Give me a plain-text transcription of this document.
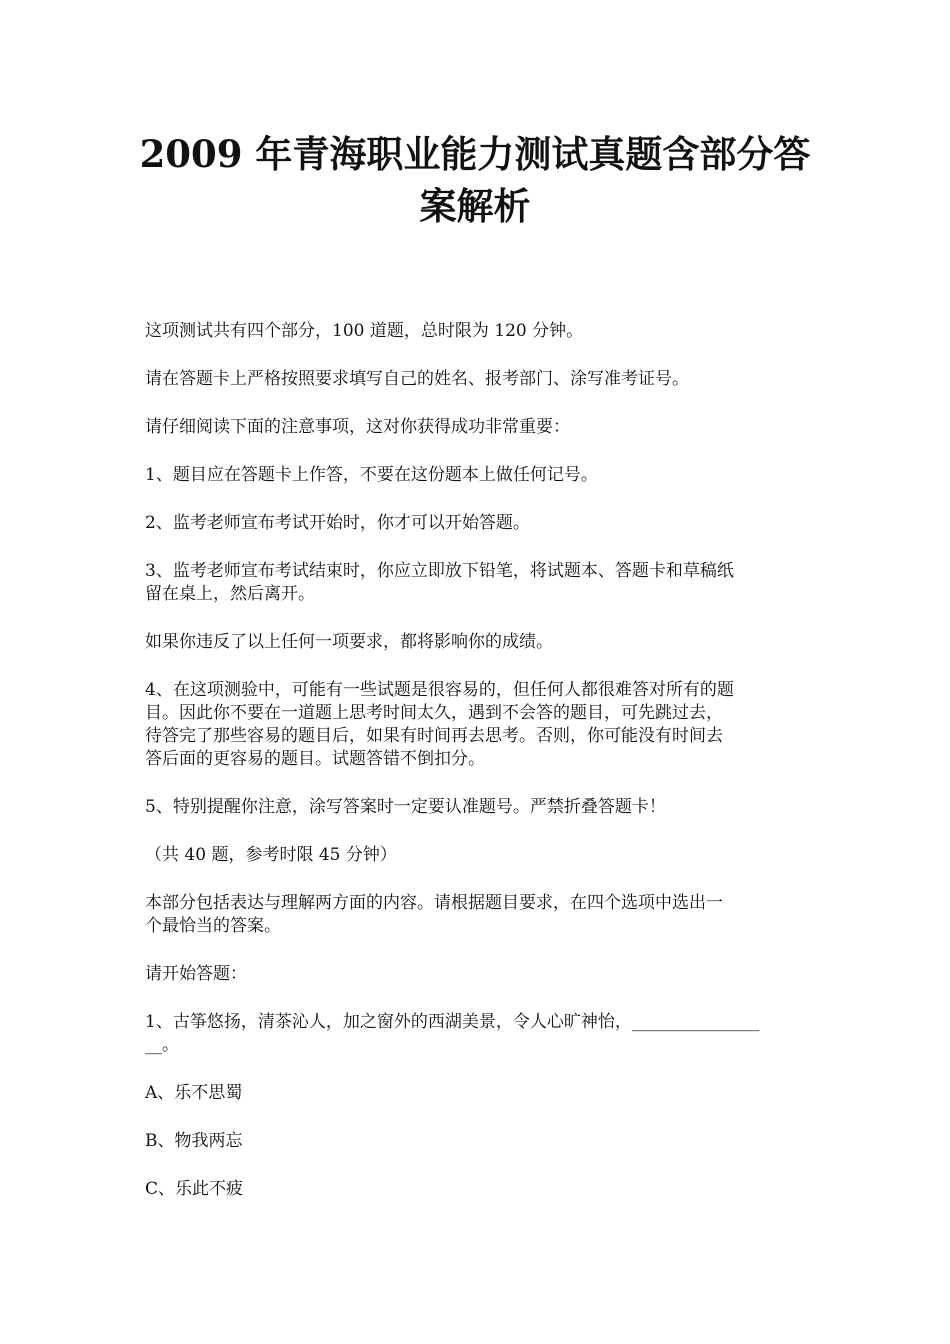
2009 年青海职业能力测试真题含部分答
案解析

这项测试共有四个部分，100 道题，总时限为 120 分钟。

请在答题卡上严格按照要求填写自己的姓名、报考部门、涂写准考证号。

请仔细阅读下面的注意事项，这对你获得成功非常重要：

1、题目应在答题卡上作答，不要在这份题本上做任何记号。

2、监考老师宣布考试开始时，你才可以开始答题。

3、监考老师宣布考试结束时，你应立即放下铅笔，将试题本、答题卡和草稿纸
留在桌上，然后离开。

如果你违反了以上任何一项要求，都将影响你的成绩。

4、在这项测验中，可能有一些试题是很容易的，但任何人都很难答对所有的题
目。因此你不要在一道题上思考时间太久，遇到不会答的题目，可先跳过去，
待答完了那些容易的题目后，如果有时间再去思考。否则，你可能没有时间去
答后面的更容易的题目。试题答错不倒扣分。

5、特别提醒你注意，涂写答案时一定要认准题号。严禁折叠答题卡！

（共 40 题，参考时限 45 分钟）

本部分包括表达与理解两方面的内容。请根据题目要求，在四个选项中选出一
个最恰当的答案。

请开始答题：

1、古筝悠扬，清茶沁人，加之窗外的西湖美景，令人心旷神怡，_______________
__。

A、乐不思蜀

B、物我两忘

C、乐此不疲
